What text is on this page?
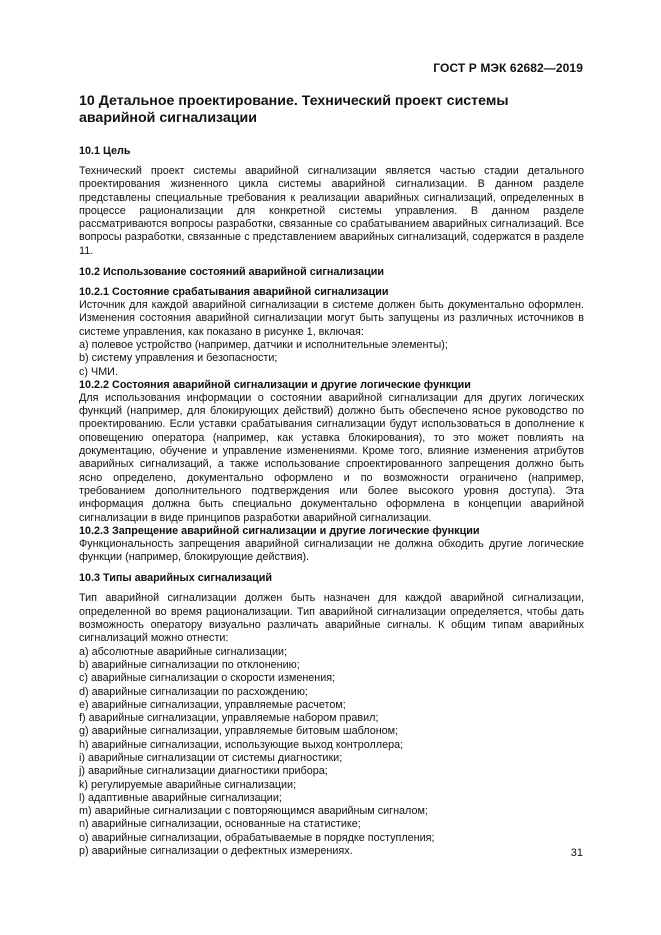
ГОСТ Р МЭК 62682—2019
10 Детальное проектирование. Технический проект системы аварийной сигнализации
10.1 Цель

Технический проект системы аварийной сигнализации является частью стадии детального проектирования жизненного цикла системы аварийной сигнализации. В данном разделе представлены специальные требования к реализации аварийных сигнализаций, определенных в процессе рационализации для конкретной системы управления. В данном разделе рассматриваются вопросы разработки, связанные со срабатыванием аварийных сигнализаций. Все вопросы разработки, связанные с представлением аварийных сигнализаций, содержатся в разделе 11.

10.2 Использование состояний аварийной сигнализации
10.2.1 Состояние срабатывания аварийной сигнализации

Источник для каждой аварийной сигнализации в системе должен быть документально оформлен. Изменения состояния аварийной сигнализации могут быть запущены из различных источников в системе управления, как показано в рисунке 1, включая:

a) полевое устройство (например, датчики и исполнительные элементы);
b) систему управления и безопасности;
c) ЧМИ.
10.2.2 Состояния аварийной сигнализации и другие логические функции

Для использования информации о состоянии аварийной сигнализации для других логических функций (например, для блокирующих действий) должно быть обеспечено ясное руководство по проектированию. Если уставки срабатывания сигнализации будут использоваться в дополнение к оповещению оператора (например, как уставка блокирования), то это может повлиять на документацию, обучение и управление изменениями. Кроме того, влияние изменения атрибутов аварийных сигнализаций, а также использование спроектированного запрещения должно быть ясно определено, документально оформлено и по возможности ограничено (например, требованием дополнительного подтверждения или более высокого уровня доступа). Эта информация должна быть специально документально оформлена в концепции аварийной сигнализации в виде принципов разработки аварийной сигнализации.

10.2.3 Запрещение аварийной сигнализации и другие логические функции

Функциональность запрещения аварийной сигнализации не должна обходить другие логические функции (например, блокирующие действия).

10.3 Типы аварийных сигнализаций

Тип аварийной сигнализации должен быть назначен для каждой аварийной сигнализации, определенной во время рационализации. Тип аварийной сигнализации определяется, чтобы дать возможность оператору визуально различать аварийные сигналы. К общим типам аварийных сигнализаций можно отнести:

a) абсолютные аварийные сигнализации;
b) аварийные сигнализации по отклонению;
c) аварийные сигнализации о скорости изменения;
d) аварийные сигнализации по расхождению;
e) аварийные сигнализации, управляемые расчетом;
f) аварийные сигнализации, управляемые набором правил;
g) аварийные сигнализации, управляемые битовым шаблоном;
h) аварийные сигнализации, использующие выход контроллера;
i) аварийные сигнализации от системы диагностики;
j) аварийные сигнализации диагностики прибора;
k) регулируемые аварийные сигнализации;
l) адаптивные аварийные сигнализации;
m) аварийные сигнализации с повторяющимся аварийным сигналом;
n) аварийные сигнализации, основанные на статистике;
o) аварийные сигнализации, обрабатываемые в порядке поступления;
p) аварийные сигнализации о дефектных измерениях.	31
